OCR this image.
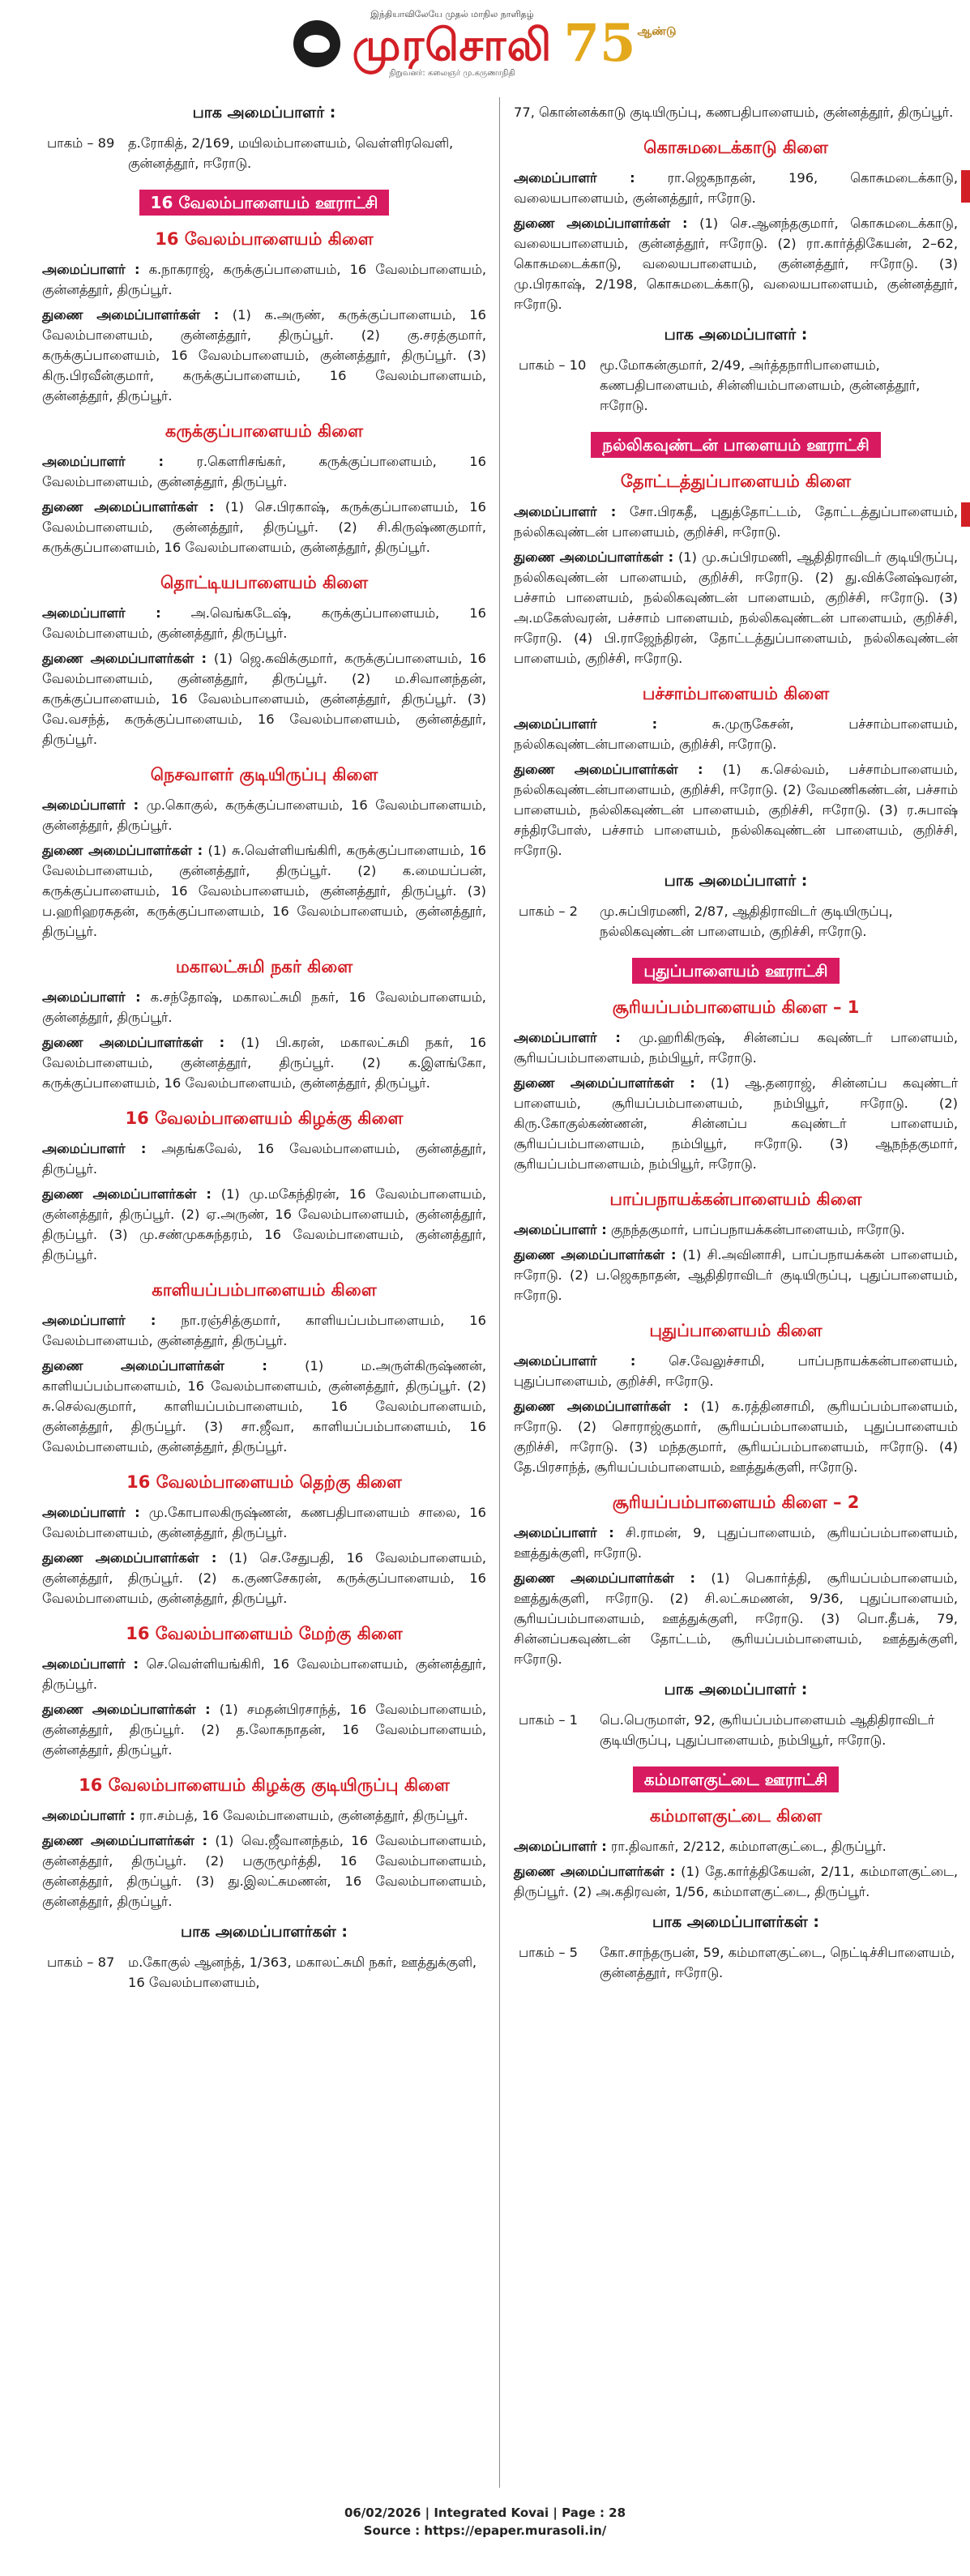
இந்தியாவிலேயே முதல் மாநில நாளிதழ்
முரசொலி
நிறுவனர்: கலைஞர் மு.கருணாநிதி 75 ஆண்டு
பாக அமைப்பாளர் :
பாகம் – 89	த.ரோகித், 2/169, மயிலம்பாளையம், வெள்ளிரவெளி, குன்னத்தூர், ஈரோடு.
16 வேலம்பாளையம் ஊராட்சி
16 வேலம்பாளையம் கிளை

அமைப்பாளர் : க.நாகராஜ், கருக்குப்பாளையம், 16 வேலம்பாளையம், குன்னத்தூர், திருப்பூர்.

துணை அமைப்பாளர்கள் : (1) க.அருண், கருக்குப்பாளையம், 16 வேலம்பாளையம், குன்னத்தூர், திருப்பூர். (2) கு.சரத்குமார், கருக்குப்பாளையம், 16 வேலம்பாளையம், குன்னத்தூர், திருப்பூர். (3) கிரு.பிரவீன்குமார், கருக்குப்பாளையம், 16 வேலம்பாளையம், குன்னத்தூர், திருப்பூர்.

கருக்குப்பாளையம் கிளை

அமைப்பாளர் : ர.கௌரிசங்கர், கருக்குப்பாளையம், 16 வேலம்பாளையம், குன்னத்தூர், திருப்பூர்.

துணை அமைப்பாளர்கள் : (1) செ.பிரகாஷ், கருக்குப்பாளையம், 16 வேலம்பாளையம், குன்னத்தூர், திருப்பூர். (2) சி.கிருஷ்ணகுமார், கருக்குப்பாளையம், 16 வேலம்பாளையம், குன்னத்தூர், திருப்பூர்.

தொட்டியபாளையம் கிளை

அமைப்பாளர் : அ.வெங்கடேஷ், கருக்குப்பாளையம், 16 வேலம்பாளையம், குன்னத்தூர், திருப்பூர்.

துணை அமைப்பாளர்கள் : (1) ஜெ.கவிக்குமார், கருக்குப்பாளையம், 16 வேலம்பாளையம், குன்னத்தூர், திருப்பூர். (2) ம.சிவானந்தன், கருக்குப்பாளையம், 16 வேலம்பாளையம், குன்னத்தூர், திருப்பூர். (3) வே.வசந்த், கருக்குப்பாளையம், 16 வேலம்பாளையம், குன்னத்தூர், திருப்பூர்.

நெசவாளர் குடியிருப்பு கிளை

அமைப்பாளர் : மு.கொகுல், கருக்குப்பாளையம், 16 வேலம்பாளையம், குன்னத்தூர், திருப்பூர்.

துணை அமைப்பாளர்கள் : (1) சு.வெள்ளியங்கிரி, கருக்குப்பாளையம், 16 வேலம்பாளையம், குன்னத்தூர், திருப்பூர். (2) க.மையப்பன், கருக்குப்பாளையம், 16 வேலம்பாளையம், குன்னத்தூர், திருப்பூர். (3) ப.ஹரிஹரசுதன், கருக்குப்பாளையம், 16 வேலம்பாளையம், குன்னத்தூர், திருப்பூர்.

மகாலட்சுமி நகர் கிளை

அமைப்பாளர் : க.சந்தோஷ், மகாலட்சுமி நகர், 16 வேலம்பாளையம், குன்னத்தூர், திருப்பூர்.

துணை அமைப்பாளர்கள் : (1) பி.கரன், மகாலட்சுமி நகர், 16 வேலம்பாளையம், குன்னத்தூர், திருப்பூர். (2) க.இளங்கோ, கருக்குப்பாளையம், 16 வேலம்பாளையம், குன்னத்தூர், திருப்பூர்.

16 வேலம்பாளையம் கிழக்கு கிளை

அமைப்பாளர் : அதங்கவேல், 16 வேலம்பாளையம், குன்னத்தூர், திருப்பூர்.

துணை அமைப்பாளர்கள் : (1) மு.மகேந்திரன், 16 வேலம்பாளையம், குன்னத்தூர், திருப்பூர். (2) ஏ.அருண், 16 வேலம்பாளையம், குன்னத்தூர், திருப்பூர். (3) மு.சண்முகசுந்தரம், 16 வேலம்பாளையம், குன்னத்தூர், திருப்பூர்.

காளியப்பம்பாளையம் கிளை

அமைப்பாளர் : நா.ரஞ்சித்குமார், காளியப்பம்பாளையம், 16 வேலம்பாளையம், குன்னத்தூர், திருப்பூர்.

துணை அமைப்பாளர்கள் : (1) ம.அருள்கிருஷ்ணன், காளியப்பம்பாளையம், 16 வேலம்பாளையம், குன்னத்தூர், திருப்பூர். (2) சு.செல்வகுமார், காளியப்பம்பாளையம், 16 வேலம்பாளையம், குன்னத்தூர், திருப்பூர். (3) சா.ஜீவா, காளியப்பம்பாளையம், 16 வேலம்பாளையம், குன்னத்தூர், திருப்பூர்.

16 வேலம்பாளையம் தெற்கு கிளை

அமைப்பாளர் : மு.கோபாலகிருஷ்ணன், கணபதிபாளையம் சாலை, 16 வேலம்பாளையம், குன்னத்தூர், திருப்பூர்.

துணை அமைப்பாளர்கள் : (1) செ.சேதுபதி, 16 வேலம்பாளையம், குன்னத்தூர், திருப்பூர். (2) க.குணசேகரன், கருக்குப்பாளையம், 16 வேலம்பாளையம், குன்னத்தூர், திருப்பூர்.

16 வேலம்பாளையம் மேற்கு கிளை

அமைப்பாளர் : செ.வெள்ளியங்கிரி, 16 வேலம்பாளையம், குன்னத்தூர், திருப்பூர்.

துணை அமைப்பாளர்கள் : (1) சமதன்பிரசாந்த், 16 வேலம்பாளையம், குன்னத்தூர், திருப்பூர். (2) த.லோகநாதன், 16 வேலம்பாளையம், குன்னத்தூர், திருப்பூர்.

16 வேலம்பாளையம் கிழக்கு குடியிருப்பு கிளை

அமைப்பாளர் : ரா.சம்பத், 16 வேலம்பாளையம், குன்னத்தூர், திருப்பூர்.

துணை அமைப்பாளர்கள் : (1) வெ.ஜீவானந்தம், 16 வேலம்பாளையம், குன்னத்தூர், திருப்பூர். (2) பகுருமூர்த்தி, 16 வேலம்பாளையம், குன்னத்தூர், திருப்பூர். (3) து.இலட்சுமணன், 16 வேலம்பாளையம், குன்னத்தூர், திருப்பூர்.

பாக அமைப்பாளர்கள் :
பாகம் – 87	ம.கோகுல் ஆனந்த், 1/363, மகாலட்சுமி நகர், ஊத்துக்குளி, 16 வேலம்பாளையம்,

77, கொன்னக்காடு குடியிருப்பு, கணபதிபாளையம், குன்னத்தூர், திருப்பூர்.

கொசுமடைக்காடு கிளை

அமைப்பாளர் : ரா.ஜெகநாதன், 196, கொசுமடைக்காடு, வலையபாளையம், குன்னத்தூர், ஈரோடு.

துணை அமைப்பாளர்கள் : (1) செ.ஆனந்தகுமார், கொசுமடைக்காடு, வலையபாளையம், குன்னத்தூர், ஈரோடு. (2) ரா.கார்த்திகேயன், 2–62, கொசுமடைக்காடு, வலையபாளையம், குன்னத்தூர், ஈரோடு. (3) மு.பிரகாஷ், 2/198, கொசுமடைக்காடு, வலையபாளையம், குன்னத்தூர், ஈரோடு.

பாக அமைப்பாளர் :
பாகம் – 10	மூ.மோகன்குமார், 2/49, அர்த்தநாரிபாளையம், கணபதிபாளையம், சின்னியம்பாளையம், குன்னத்தூர், ஈரோடு.
நல்லிகவுண்டன் பாளையம் ஊராட்சி
தோட்டத்துப்பாளையம் கிளை

அமைப்பாளர் : சோ.பிரகதீ, புதுத்தோட்டம், தோட்டத்துப்பாளையம், நல்லிகவுண்டன் பாளையம், குறிச்சி, ஈரோடு.

துணை அமைப்பாளர்கள் : (1) மு.சுப்பிரமணி, ஆதிதிராவிடர் குடியிருப்பு, நல்லிகவுண்டன் பாளையம், குறிச்சி, ஈரோடு. (2) து.விக்னேஷ்வரன், பச்சாம் பாளையம், நல்லிகவுண்டன் பாளையம், குறிச்சி, ஈரோடு. (3) அ.மகேஸ்வரன், பச்சாம் பாளையம், நல்லிகவுண்டன் பாளையம், குறிச்சி, ஈரோடு. (4) பி.ராஜேந்திரன், தோட்டத்துப்பாளையம், நல்லிகவுண்டன் பாளையம், குறிச்சி, ஈரோடு.

பச்சாம்பாளையம் கிளை

அமைப்பாளர் : சு.முருகேசன், பச்சாம்பாளையம், நல்லிகவுண்டன்பாளையம், குறிச்சி, ஈரோடு.

துணை அமைப்பாளர்கள் : (1) க.செல்வம், பச்சாம்பாளையம், நல்லிகவுண்டன்பாளையம், குறிச்சி, ஈரோடு. (2) வேமணிகண்டன், பச்சாம் பாளையம், நல்லிகவுண்டன் பாளையம், குறிச்சி, ஈரோடு. (3) ர.சுபாஷ் சந்திரபோஸ், பச்சாம் பாளையம், நல்லிகவுண்டன் பாளையம், குறிச்சி, ஈரோடு.

பாக அமைப்பாளர் :
பாகம் – 2	மு.சுப்பிரமணி, 2/87, ஆதிதிராவிடர் குடியிருப்பு, நல்லிகவுண்டன் பாளையம், குறிச்சி, ஈரோடு.
புதுப்பாளையம் ஊராட்சி
சூரியப்பம்பாளையம் கிளை – 1

அமைப்பாளர் : மு.ஹரிகிருஷ், சின்னப்ப கவுண்டர் பாளையம், சூரியப்பம்பாளையம், நம்பியூர், ஈரோடு.

துணை அமைப்பாளர்கள் : (1) ஆ.தனராஜ், சின்னப்ப கவுண்டர் பாளையம், சூரியப்பம்பாளையம், நம்பியூர், ஈரோடு. (2) கிரு.கோகுல்கண்ணன், சின்னப்ப கவுண்டர் பாளையம், சூரியப்பம்பாளையம், நம்பியூர், ஈரோடு. (3) ஆநந்தகுமார், சூரியப்பம்பாளையம், நம்பியூர், ஈரோடு.

பாப்பநாயக்கன்பாளையம் கிளை

அமைப்பாளர் : குநந்தகுமார், பாப்பநாயக்கன்பாளையம், ஈரோடு.

துணை அமைப்பாளர்கள் : (1) சி.அவினாசி, பாப்பநாயக்கன் பாளையம், ஈரோடு. (2) ப.ஜெகநாதன், ஆதிதிராவிடர் குடியிருப்பு, புதுப்பாளையம், ஈரோடு.

புதுப்பாளையம் கிளை

அமைப்பாளர் : செ.வேலுச்சாமி, பாப்பநாயக்கன்பாளையம், புதுப்பாளையம், குறிச்சி, ஈரோடு.

துணை அமைப்பாளர்கள் : (1) க.ரத்தினசாமி, சூரியப்பம்பாளையம், ஈரோடு. (2) சொராஜ்குமார், சூரியப்பம்பாளையம், புதுப்பாளையம் குறிச்சி, ஈரோடு. (3) மந்தகுமார், சூரியப்பம்பாளையம், ஈரோடு. (4) தே.பிரசாந்த், சூரியப்பம்பாளையம், ஊத்துக்குளி, ஈரோடு.

சூரியப்பம்பாளையம் கிளை – 2

அமைப்பாளர் : சி.ராமன், 9, புதுப்பாளையம், சூரியப்பம்பாளையம், ஊத்துக்குளி, ஈரோடு.

துணை அமைப்பாளர்கள் : (1) பெகார்த்தி, சூரியப்பம்பாளையம், ஊத்துக்குளி, ஈரோடு. (2) சி.லட்சுமணன், 9/36, புதுப்பாளையம், சூரியப்பம்பாளையம், ஊத்துக்குளி, ஈரோடு. (3) பொ.தீபக், 79, சின்னப்பகவுண்டன் தோட்டம், சூரியப்பம்பாளையம், ஊத்துக்குளி, ஈரோடு.

பாக அமைப்பாளர் :
பாகம் – 1	பெ.பெருமாள், 92, சூரியப்பம்பாளையம் ஆதிதிராவிடர் குடியிருப்பு, புதுப்பாளையம், நம்பியூர், ஈரோடு.
கம்மாளகுட்டை ஊராட்சி
கம்மாளகுட்டை கிளை

அமைப்பாளர் : ரா.திவாகர், 2/212, கம்மாளகுட்டை, திருப்பூர்.

துணை அமைப்பாளர்கள் : (1) தே.கார்த்திகேயன், 2/11, கம்மாளகுட்டை, திருப்பூர். (2) அ.கதிரவன், 1/56, கம்மாளகுட்டை, திருப்பூர்.

பாக அமைப்பாளர்கள் :
பாகம் – 5	கோ.சாந்தருபன், 59, கம்மாளகுட்டை, நெட்டிச்சிபாளையம், குன்னத்தூர், ஈரோடு.
06/02/2026 | Integrated Kovai | Page : 28
Source : https://epaper.murasoli.in/
